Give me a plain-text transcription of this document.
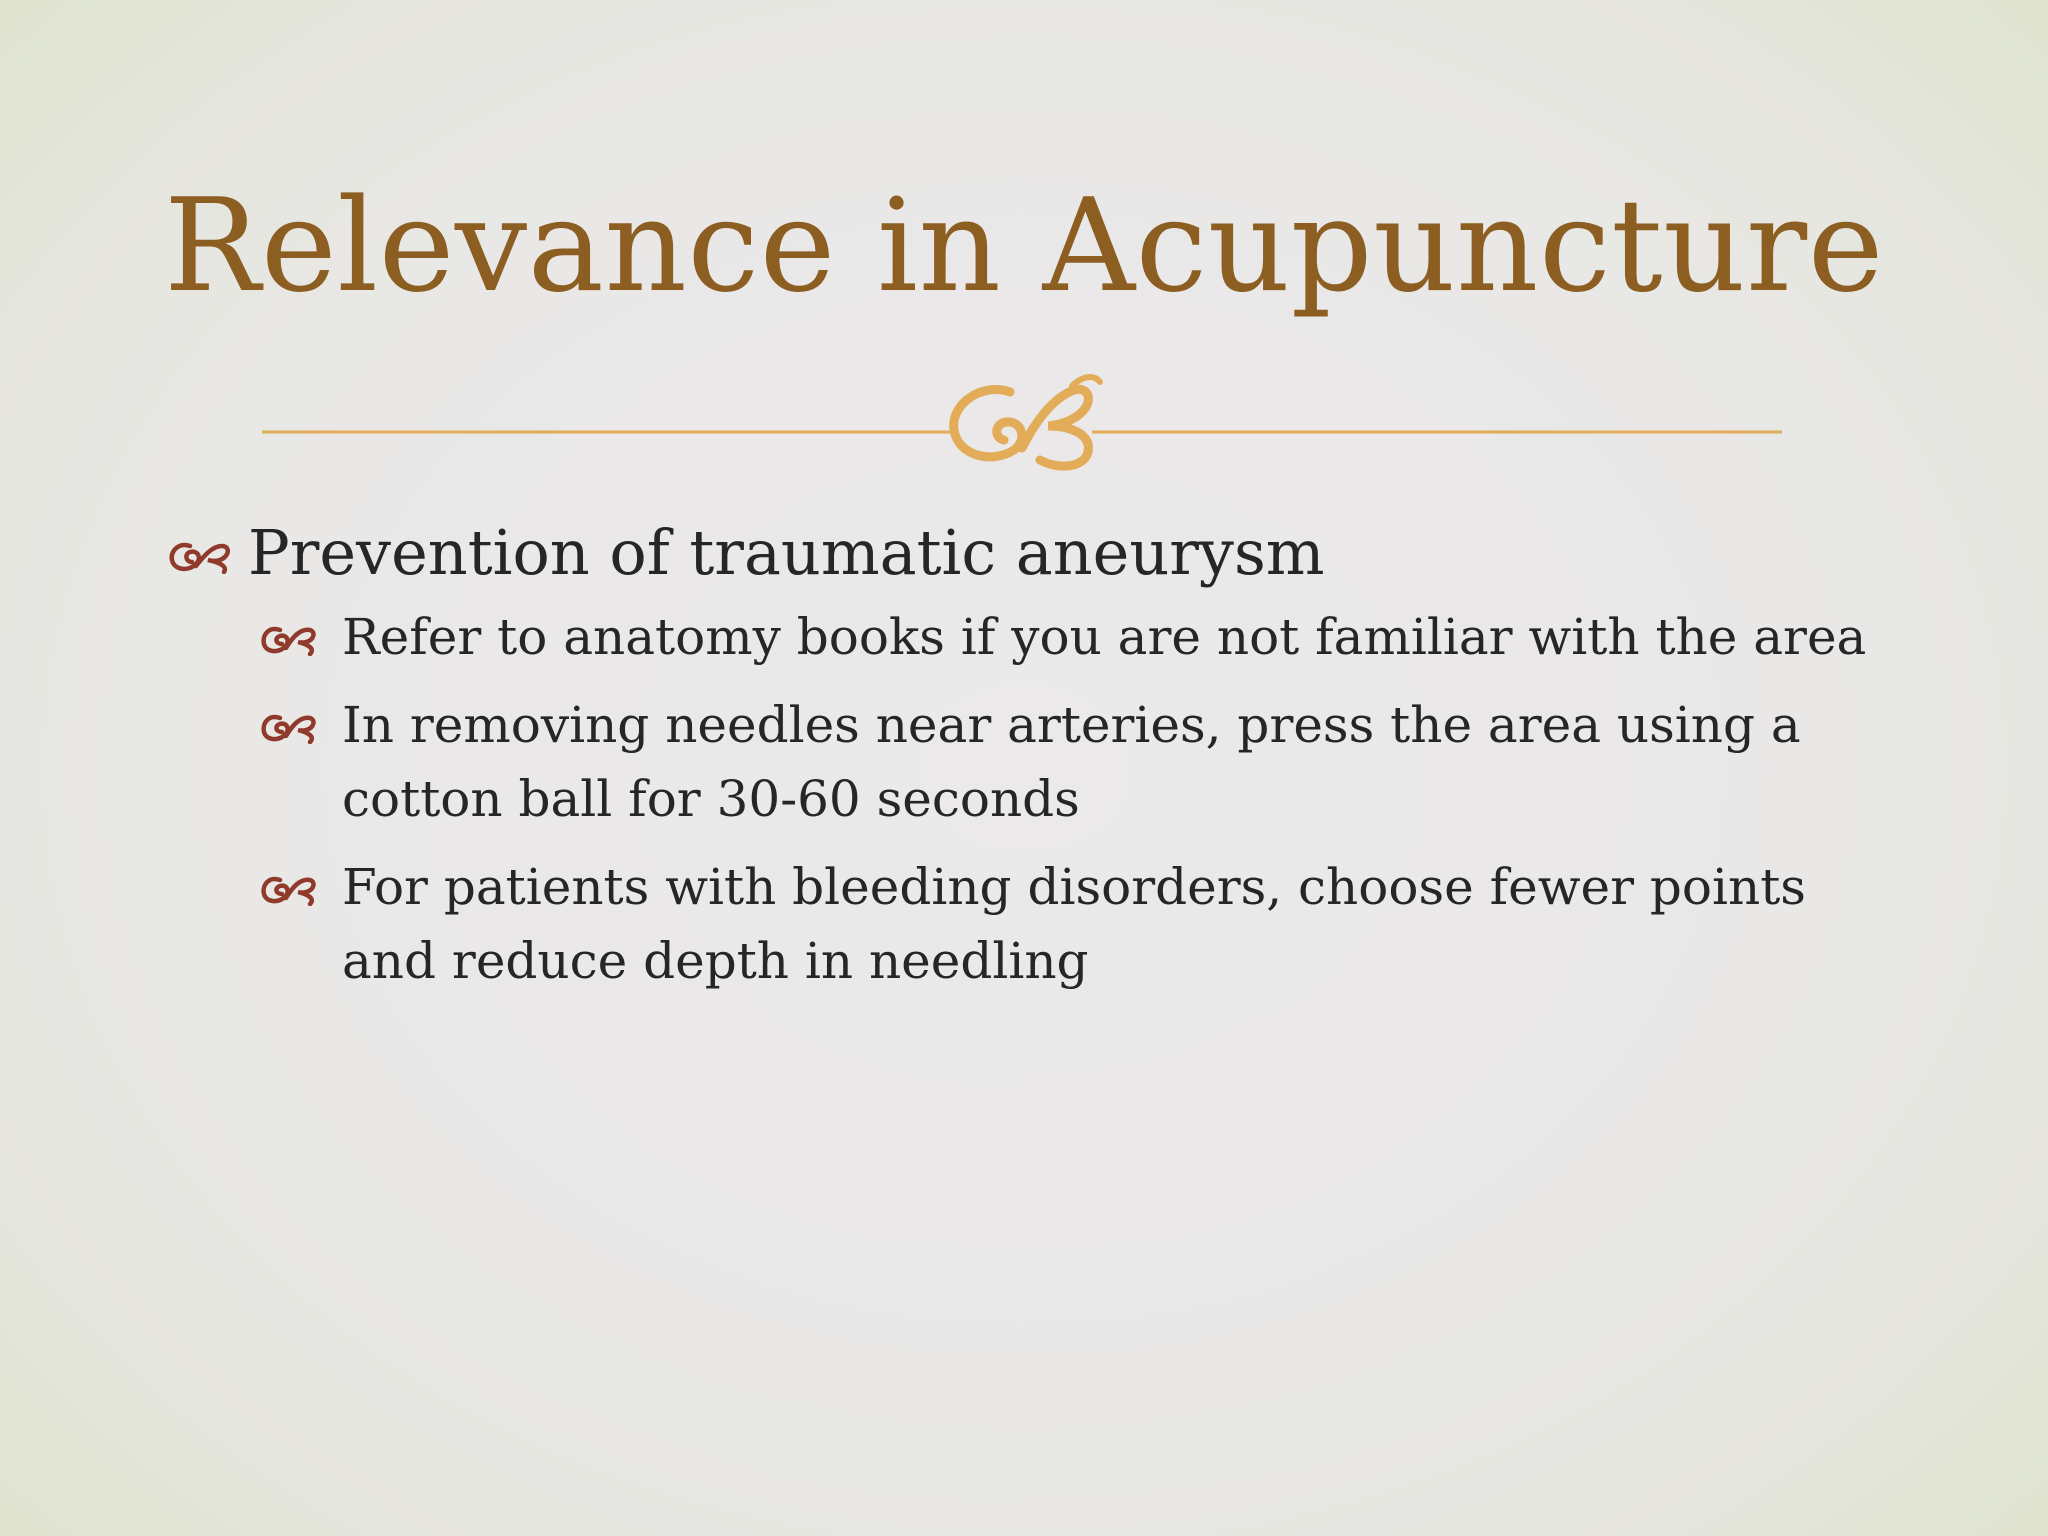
Relevance in Acupuncture
Prevention of traumatic aneurysm
Refer to anatomy books if you are not familiar with the area
In removing needles near arteries, press the area using a cotton ball for 30-60 seconds
For patients with bleeding disorders, choose fewer points and reduce depth in needling
